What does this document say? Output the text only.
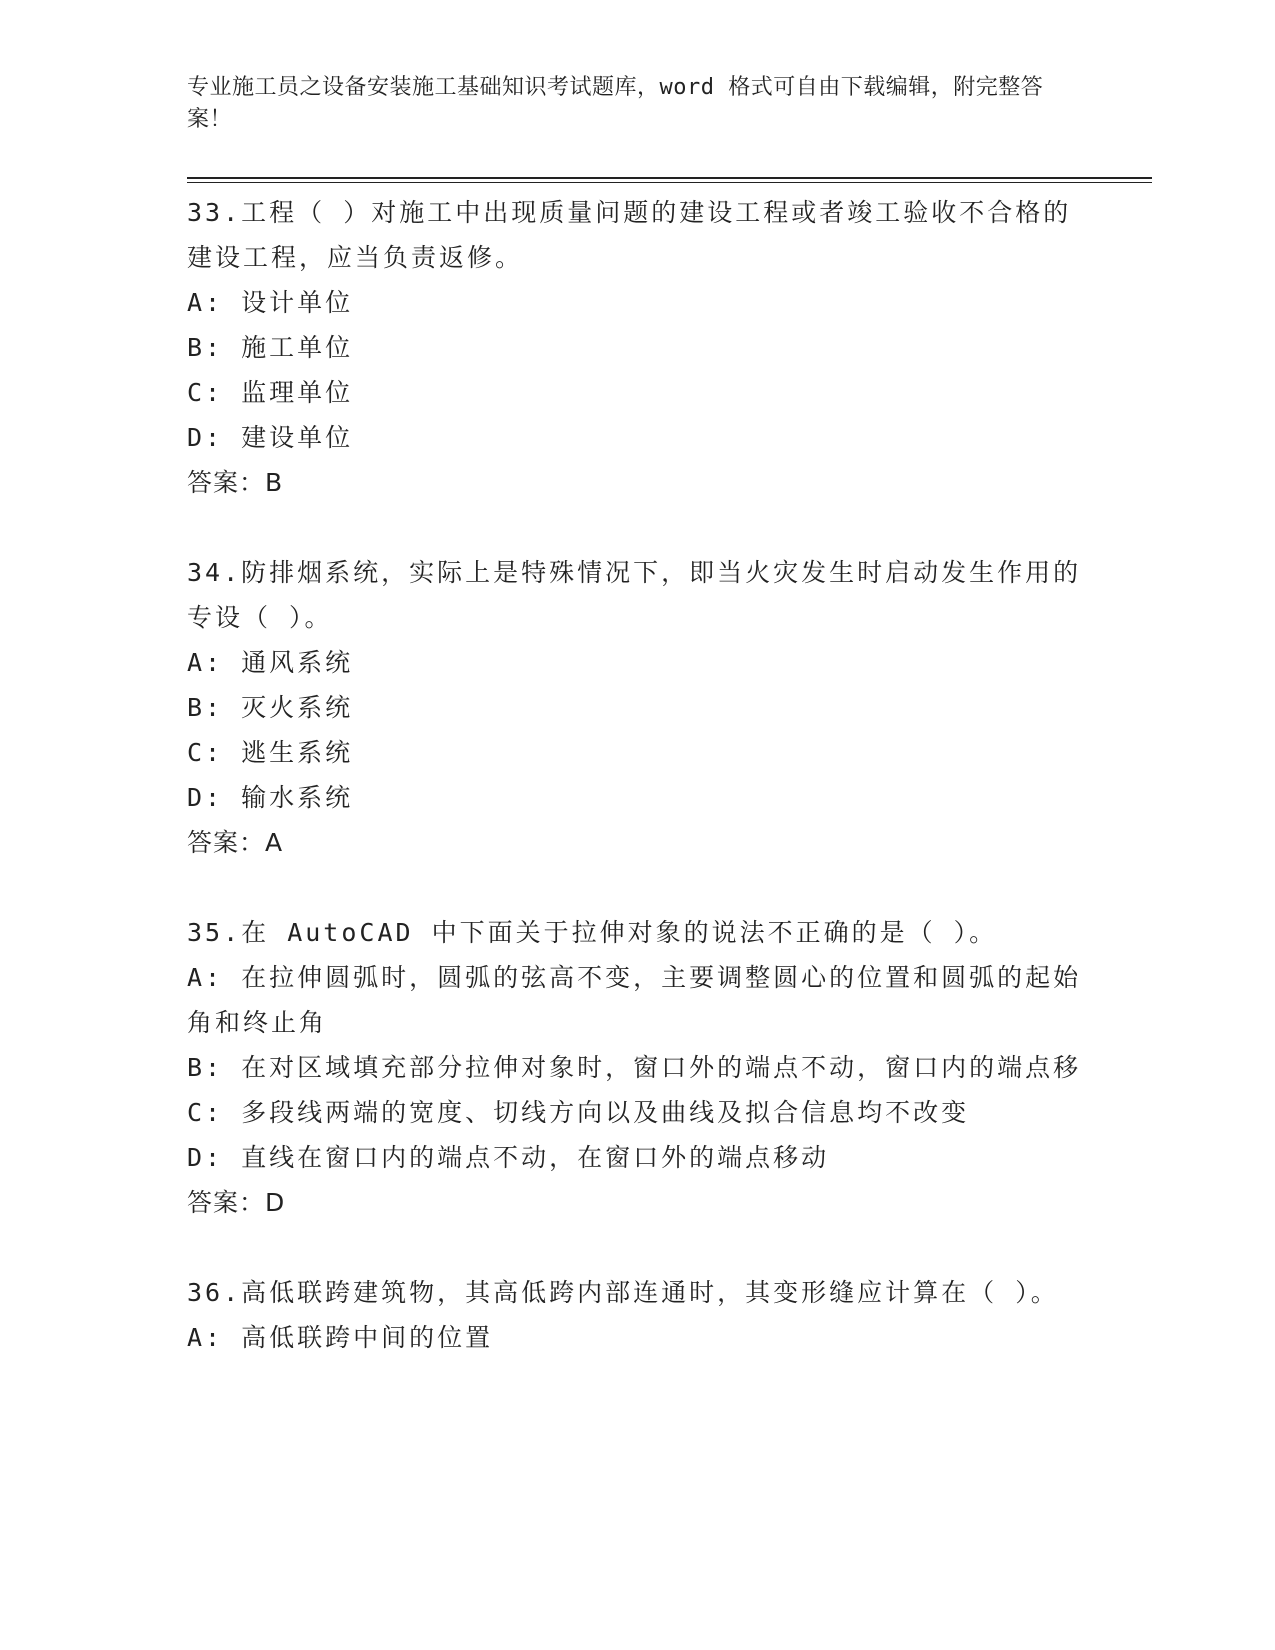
专业施工员之设备安装施工基础知识考试题库，word 格式可自由下载编辑，附完整答案！

33.工程（ ）对施工中出现质量问题的建设工程或者竣工验收不合格的建设工程，应当负责返修。

A: 设计单位

B: 施工单位

C: 监理单位

D: 建设单位

答案：B

34.防排烟系统，实际上是特殊情况下，即当火灾发生时启动发生作用的专设（ ）。

A: 通风系统

B: 灭火系统

C: 逃生系统

D: 输水系统

答案：A

35.在 AutoCAD 中下面关于拉伸对象的说法不正确的是（ ）。

A: 在拉伸圆弧时，圆弧的弦高不变，主要调整圆心的位置和圆弧的起始角和终止角

B: 在对区域填充部分拉伸对象时，窗口外的端点不动，窗口内的端点移

C: 多段线两端的宽度、切线方向以及曲线及拟合信息均不改变

D: 直线在窗口内的端点不动，在窗口外的端点移动

答案：D

36.高低联跨建筑物，其高低跨内部连通时，其变形缝应计算在（ ）。

A: 高低联跨中间的位置
